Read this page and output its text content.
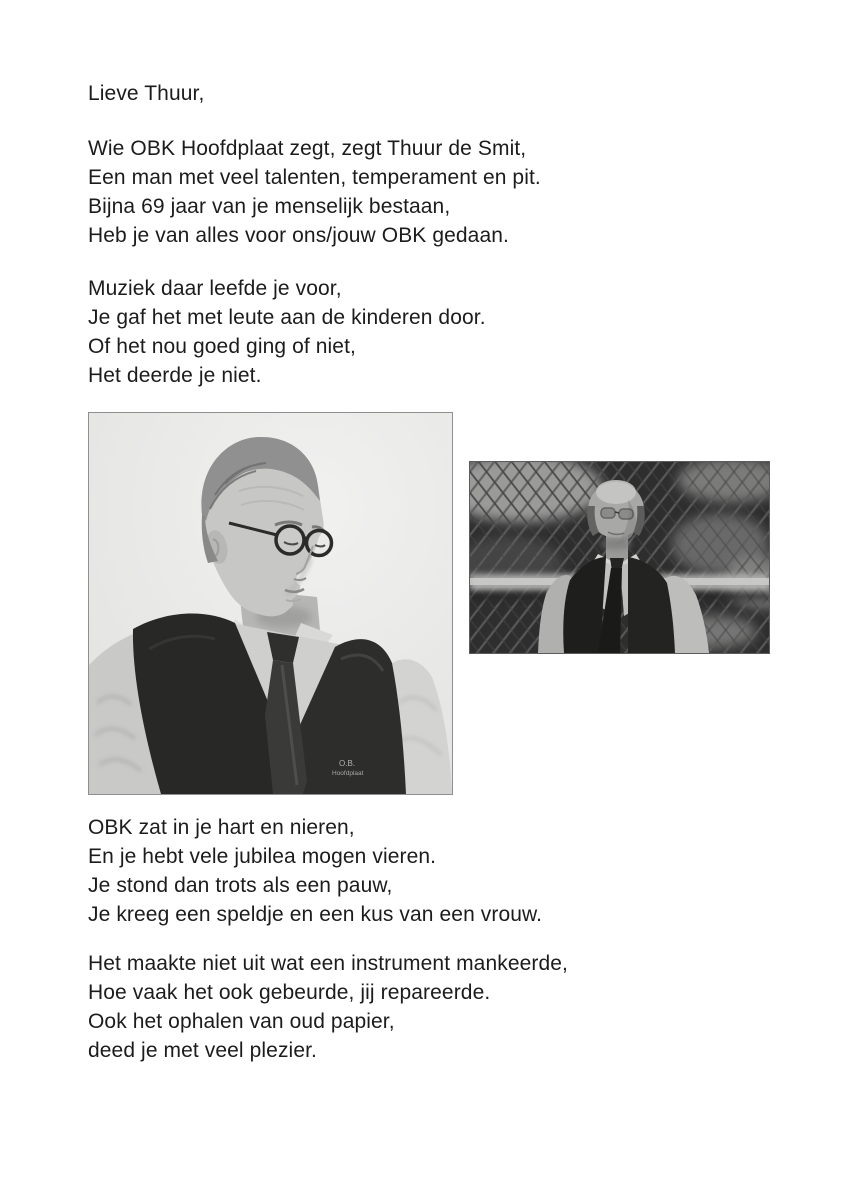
Lieve Thuur,

Wie OBK Hoofdplaat zegt, zegt Thuur de Smit,

Een man met veel talenten, temperament en pit.

Bijna 69 jaar van je menselijk bestaan,

Heb je van alles voor ons/jouw OBK gedaan.

Muziek daar leefde je voor,

Je gaf het met leute aan de kinderen door.

Of het nou goed ging of niet,

Het deerde je niet.

O.B.
Hoofdplaat

OBK zat in je hart en nieren,

En je hebt vele jubilea mogen vieren.

Je stond dan trots als een pauw,

Je kreeg een speldje en een kus van een vrouw.

Het maakte niet uit wat een instrument mankeerde,

Hoe vaak het ook gebeurde, jij repareerde.

Ook het ophalen van oud papier,

deed je met veel plezier.
